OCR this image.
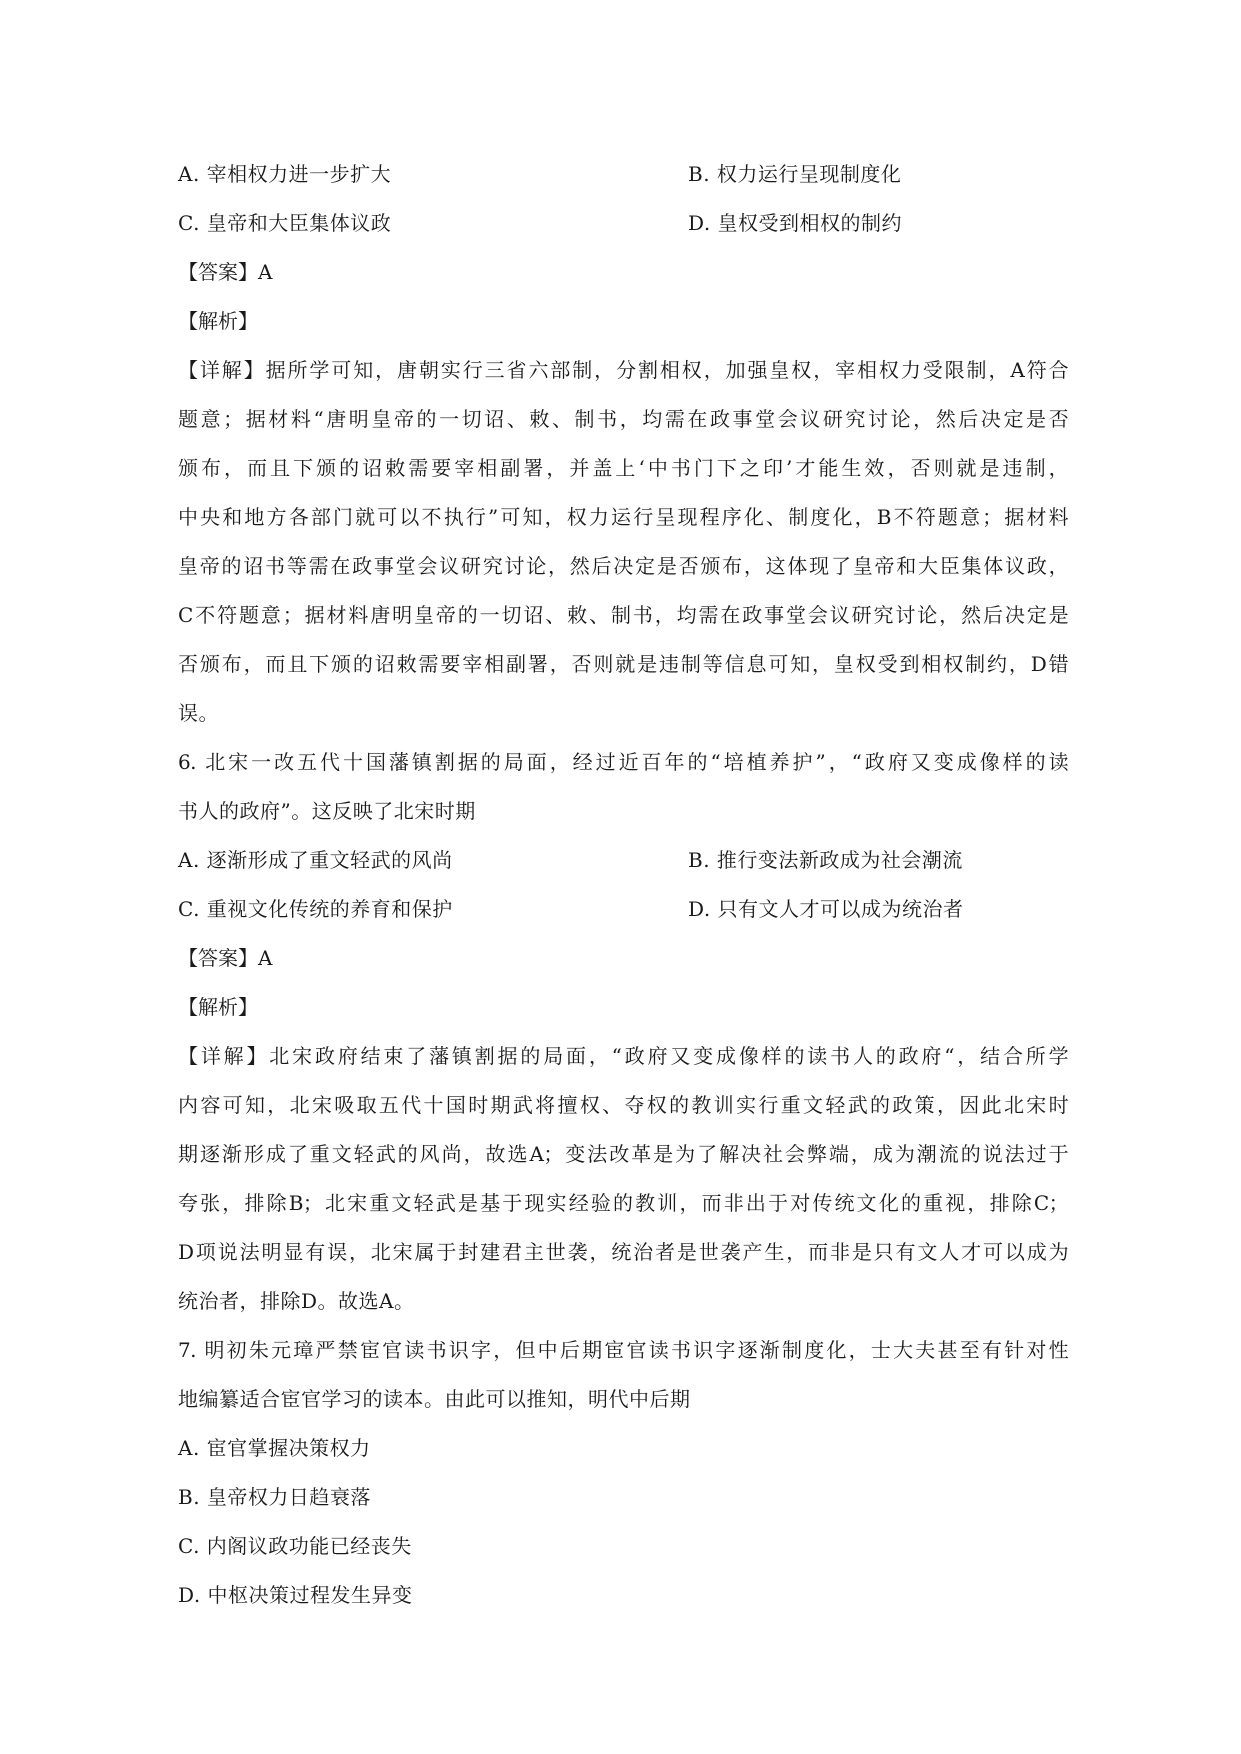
A. 宰相权力进一步扩大	B. 权力运行呈现制度化
C. 皇帝和大臣集体议政	D. 皇权受到相权的制约
【答案】A
【解析】
【详解】据所学可知，唐朝实行三省六部制，分割相权，加强皇权，宰相权力受限制，A符合
题意；据材料“唐明皇帝的一切诏、敕、制书，均需在政事堂会议研究讨论，然后决定是否
颁布，而且下颁的诏敕需要宰相副署，并盖上‘中书门下之印’才能生效，否则就是违制，
中央和地方各部门就可以不执行”可知，权力运行呈现程序化、制度化，B不符题意；据材料
皇帝的诏书等需在政事堂会议研究讨论，然后决定是否颁布，这体现了皇帝和大臣集体议政，
C不符题意；据材料唐明皇帝的一切诏、敕、制书，均需在政事堂会议研究讨论，然后决定是
否颁布，而且下颁的诏敕需要宰相副署，否则就是违制等信息可知，皇权受到相权制约，D错
误。
6. 北宋一改五代十国藩镇割据的局面，经过近百年的“培植养护”，“政府又变成像样的读
书人的政府”。这反映了北宋时期
A. 逐渐形成了重文轻武的风尚	B. 推行变法新政成为社会潮流
C. 重视文化传统的养育和保护	D. 只有文人才可以成为统治者
【答案】A
【解析】
【详解】北宋政府结束了藩镇割据的局面，“政府又变成像样的读书人的政府“，结合所学
内容可知，北宋吸取五代十国时期武将擅权、夺权的教训实行重文轻武的政策，因此北宋时
期逐渐形成了重文轻武的风尚，故选A；变法改革是为了解决社会弊端，成为潮流的说法过于
夸张，排除B；北宋重文轻武是基于现实经验的教训，而非出于对传统文化的重视，排除C；
D项说法明显有误，北宋属于封建君主世袭，统治者是世袭产生，而非是只有文人才可以成为
统治者，排除D。故选A。
7. 明初朱元璋严禁宦官读书识字，但中后期宦官读书识字逐渐制度化，士大夫甚至有针对性
地编纂适合宦官学习的读本。由此可以推知，明代中后期
A. 宦官掌握决策权力
B. 皇帝权力日趋衰落
C. 内阁议政功能已经丧失
D. 中枢决策过程发生异变
